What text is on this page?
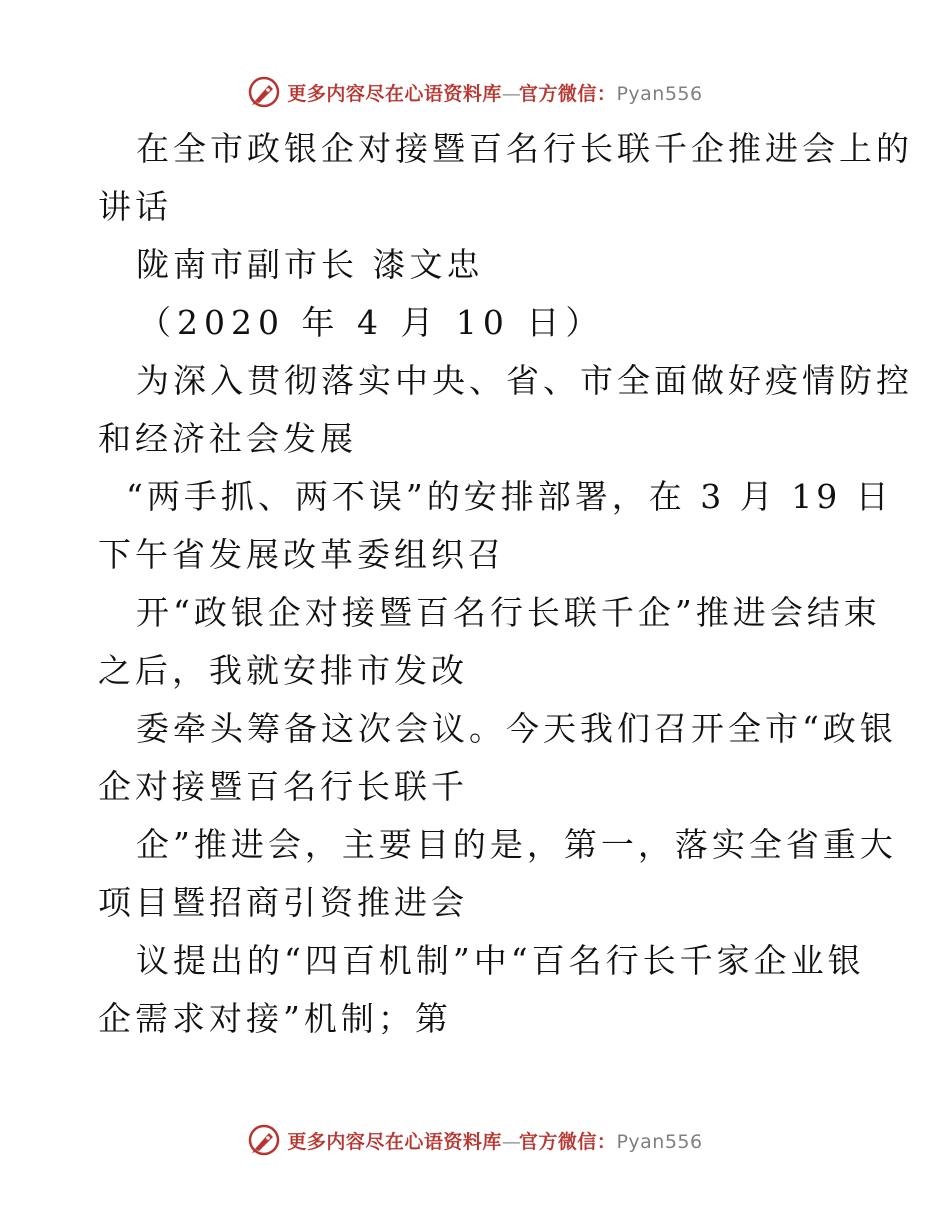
更多内容尽在心语资料库—官方微信：Pyan556
在全市政银企对接暨百名行长联千企推进会上的
讲话
陇南市副市长 漆文忠
（2020 年 4 月 10 日）
为深入贯彻落实中央、省、市全面做好疫情防控
和经济社会发展
“两手抓、两不误”的安排部署，在 3 月 19 日
下午省发展改革委组织召
开“政银企对接暨百名行长联千企”推进会结束
之后，我就安排市发改
委牵头筹备这次会议。今天我们召开全市“政银
企对接暨百名行长联千
企”推进会，主要目的是，第一，落实全省重大
项目暨招商引资推进会
议提出的“四百机制”中“百名行长千家企业银
企需求对接”机制；第
更多内容尽在心语资料库—官方微信：Pyan556
